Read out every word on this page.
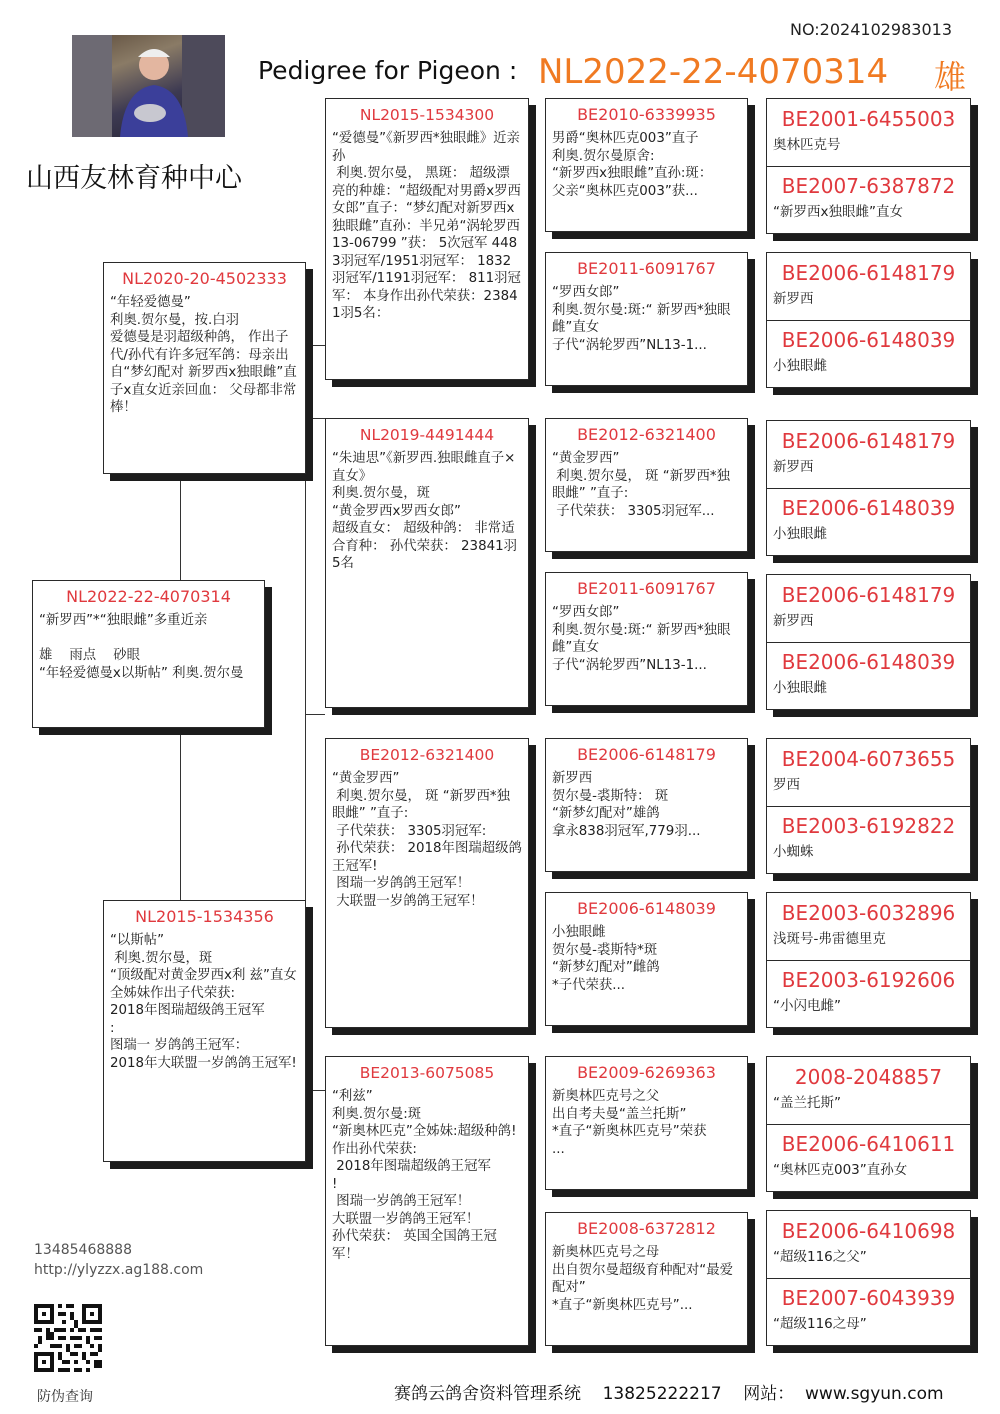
NO:2024102983013
Pedigree for Pigeon : NL2022-22-4070314 雄
山西友林育种中心
NL2022-22-4070314
“新罗西”*“独眼雌”多重近亲

雄    雨点    砂眼
“年轻爱德曼x以斯帖” 利奥.贺尔曼
NL2020-20-4502333
“年轻爱德曼”
利奥.贺尔曼，按.白羽
爱德曼是羽超级种鸽， 作出子代/孙代有许多冠军鸽：母亲出自“梦幻配对 新罗西x独眼雌”直子x直女近亲回血： 父母都非常棒！
NL2015-1534356
“以斯帖”
利奥.贺尔曼，斑
“顶级配对黄金罗西x利 兹”直女
全姊妹作出子代荣获:
2018年图瑞超级鸽王冠军
:
图瑞一 岁鸽鸽王冠军：
2018年大联盟一岁鸽鸽王冠军!
NL2015-1534300
“爱德曼”《新罗西*独眼雌》近亲孙
利奥.贺尔曼， 黑斑： 超级漂亮的种雄：“超级配对男爵x罗西女郎”直子：“梦幻配对新罗西x独眼雌”直孙：半兄弟“涡轮罗西13-06799 ”获： 5次冠军 4483羽冠军/1951羽冠军： 1832羽冠军/1191羽冠军： 811羽冠军： 本身作出孙代荣获：23841羽5名：
NL2019-4491444
“朱迪思”《新罗西.独眼雌直子×直女》
利奥.贺尔曼，斑
“黄金罗西x罗西女郎”
超级直女： 超级种鸽： 非常适合育种： 孙代荣获： 23841羽5名
BE2012-6321400
“黄金罗西”
利奥.贺尔曼， 斑 “新罗西*独眼雌” ”直子:
子代荣获： 3305羽冠军:
孙代荣获： 2018年图瑞超级鸽王冠军!
图瑞一岁鸽鸽王冠军！
大联盟一岁鸽鸽王冠军！
BE2013-6075085
“利兹”
利奥.贺尔曼:斑
“新奥林匹克”全姊妹:超级种鸽!作出孙代荣获:
2018年图瑞超级鸽王冠军
!
图瑞一岁鸽鸽王冠军！
大联盟一岁鸽鸽王冠军！
孙代荣获： 英国全国鸽王冠军！
BE2010-6339935
男爵“奥林匹克003”直子
利奥.贺尔曼原舍:
“新罗西x独眼雌”直孙:斑：
父亲“奥林匹克003”获...
BE2011-6091767
“罗西女郎”
利奥.贺尔曼:斑:“ 新罗西*独眼雌”直女
子代“涡轮罗西”NL13-1...
BE2012-6321400
“黄金罗西”
利奥.贺尔曼， 斑 “新罗西*独眼雌” ”直子:
子代荣获： 3305羽冠军...
BE2011-6091767
“罗西女郎”
利奥.贺尔曼:斑:“ 新罗西*独眼雌”直女
子代“涡轮罗西”NL13-1...
BE2006-6148179
新罗西
贺尔曼-裘斯特： 斑
“新梦幻配对”雄鸽
拿永838羽冠军,779羽...
BE2006-6148039
小独眼雌
贺尔曼-裘斯特*斑
“新梦幻配对”雌鸽
*子代荣获...
BE2009-6269363
新奥林匹克号之父
出自考夫曼“盖兰托斯”
*直子“新奥林匹克号”荣获
...
BE2008-6372812
新奥林匹克号之母
出自贺尔曼超级育种配对“最爱配对”
*直子“新奥林匹克号”...
BE2001-6455003
奥林匹克号
BE2007-6387872
“新罗西x独眼雌”直女
BE2006-6148179
新罗西
BE2006-6148039
小独眼雌
BE2006-6148179
新罗西
BE2006-6148039
小独眼雌
BE2006-6148179
新罗西
BE2006-6148039
小独眼雌
BE2004-6073655
罗西
BE2003-6192822
小蜘蛛
BE2003-6032896
浅斑号-弗雷德里克
BE2003-6192606
“小闪电雌”
2008-2048857
“盖兰托斯”
BE2006-6410611
“奥林匹克003”直孙女
BE2006-6410698
“超级116之父”
BE2007-6043939
“超级116之母”
13485468888
http://ylyzzx.ag188.com
防伪查询	赛鸽云鸽舍资料管理系统    13825222217    网站：  www.sgyun.com
